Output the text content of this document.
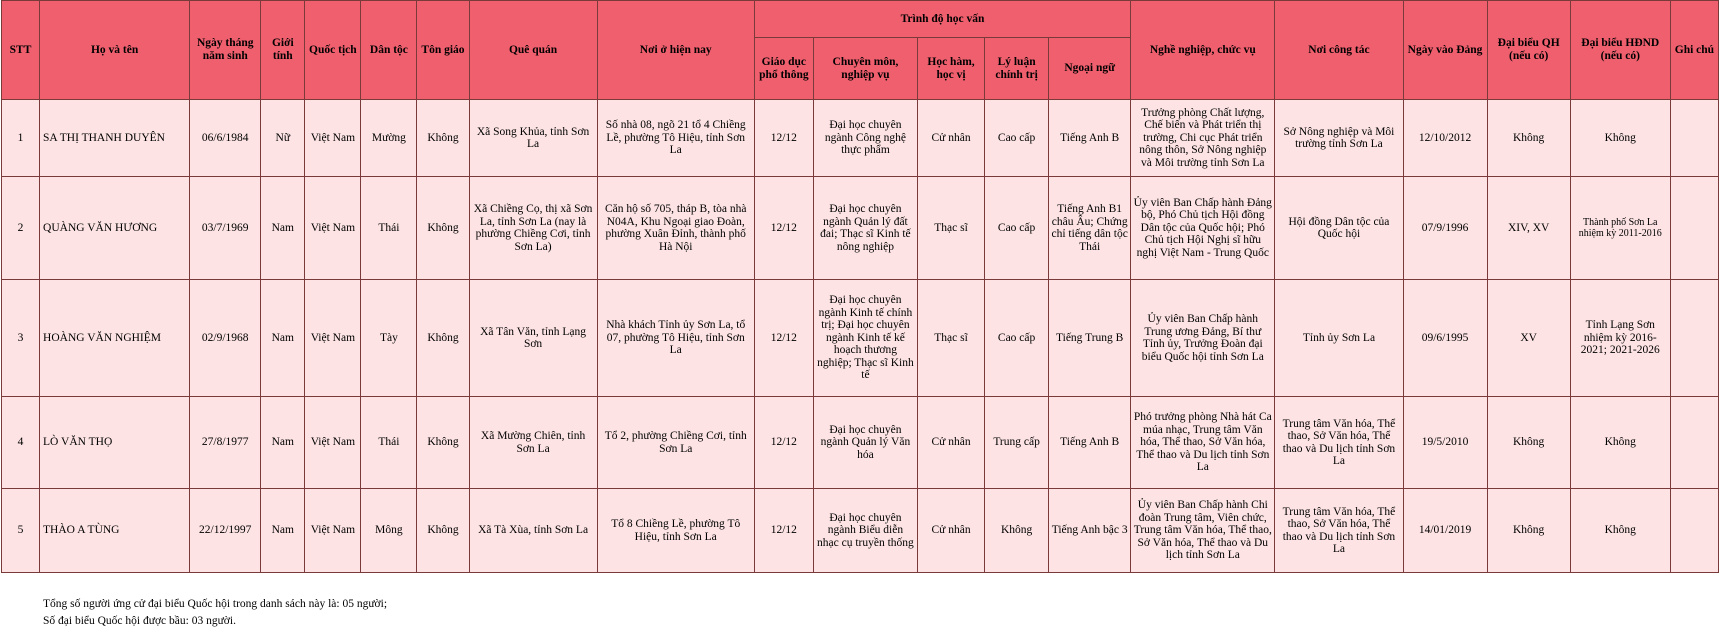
STT	Họ và tên	Ngày tháng năm sinh	Giới tính	Quốc tịch	Dân tộc	Tôn giáo	Quê quán	Nơi ở hiện nay	Trình độ học vấn					Nghề nghiệp, chức vụ	Nơi công tác	Ngày vào Đảng	Đại biểu QH (nếu có)	Đại biểu HĐND (nếu có)	Ghi chú
									Giáo dục phổ thông	Chuyên môn, nghiệp vụ	Học hàm, học vị	Lý luận chính trị	Ngoại ngữ						
1	SA THỊ THANH DUYÊN	06/6/1984	Nữ	Việt Nam	Mường	Không	Xã Song Khủa, tỉnh Sơn La	Số nhà 08, ngõ 21 tổ 4 Chiềng Lề, phường Tô Hiệu, tỉnh Sơn La	12/12	Đại học chuyên ngành Công nghệ thực phẩm	Cử nhân	Cao cấp	Tiếng Anh B	Trưởng phòng Chất lượng, Chế biến và Phát triển thị trường, Chi cục Phát triển nông thôn, Sở Nông nghiệp và Môi trường tỉnh Sơn La	Sở Nông nghiệp và Môi trường tỉnh Sơn La	12/10/2012	Không	Không	
2	QUÀNG VĂN HƯƠNG	03/7/1969	Nam	Việt Nam	Thái	Không	Xã Chiềng Cọ, thị xã Sơn La, tỉnh Sơn La (nay là phường Chiềng Cơi, tỉnh Sơn La)	Căn hộ số 705, tháp B, tòa nhà N04A, Khu Ngoại giao Đoàn, phường Xuân Đỉnh, thành phố Hà Nội	12/12	Đại học chuyên ngành Quản lý đất đai; Thạc sĩ Kinh tế nông nghiệp	Thạc sĩ	Cao cấp	Tiếng Anh B1 châu Âu; Chứng chỉ tiếng dân tộc Thái	Ủy viên Ban Chấp hành Đảng bộ, Phó Chủ tịch Hội đồng Dân tộc của Quốc hội; Phó Chủ tịch Hội Nghị sĩ hữu nghị Việt Nam - Trung Quốc	Hội đồng Dân tộc của Quốc hội	07/9/1996	XIV, XV	Thành phố Sơn La nhiệm kỳ 2011-2016	
3	HOÀNG VĂN NGHIỆM	02/9/1968	Nam	Việt Nam	Tày	Không	Xã Tân Văn, tỉnh Lạng Sơn	Nhà khách Tỉnh ủy Sơn La, tổ 07, phường Tô Hiệu, tỉnh Sơn La	12/12	Đại học chuyên ngành Kinh tế chính trị; Đại học chuyên ngành Kinh tế kế hoạch thương nghiệp; Thạc sĩ Kinh tế	Thạc sĩ	Cao cấp	Tiếng Trung B	Ủy viên Ban Chấp hành Trung ương Đảng, Bí thư Tỉnh ủy, Trưởng Đoàn đại biểu Quốc hội tỉnh Sơn La	Tỉnh ủy Sơn La	09/6/1995	XV	Tỉnh Lạng Sơn nhiệm kỳ 2016-2021; 2021-2026	
4	LÒ VĂN THỌ	27/8/1977	Nam	Việt Nam	Thái	Không	Xã Mường Chiên, tỉnh Sơn La	Tổ 2, phường Chiềng Cơi, tỉnh Sơn La	12/12	Đại học chuyên ngành Quản lý Văn hóa	Cử nhân	Trung cấp	Tiếng Anh B	Phó trưởng phòng Nhà hát Ca múa nhạc, Trung tâm Văn hóa, Thể thao, Sở Văn hóa, Thể thao và Du lịch tỉnh Sơn La	Trung tâm Văn hóa, Thể thao, Sở Văn hóa, Thể thao và Du lịch tỉnh Sơn La	19/5/2010	Không	Không	
5	THÀO A TÙNG	22/12/1997	Nam	Việt Nam	Mông	Không	Xã Tà Xùa, tỉnh Sơn La	Tổ 8 Chiềng Lề, phường Tô Hiệu, tỉnh Sơn La	12/12	Đại học chuyên ngành Biểu diễn nhạc cụ truyền thống	Cử nhân	Không	Tiếng Anh bậc 3	Ủy viên Ban Chấp hành Chi đoàn Trung tâm, Viên chức, Trung tâm Văn hóa, Thể thao, Sở Văn hóa, Thể thao và Du lịch tỉnh Sơn La	Trung tâm Văn hóa, Thể thao, Sở Văn hóa, Thể thao và Du lịch tỉnh Sơn La	14/01/2019	Không	Không	
Tổng số người ứng cử đại biểu Quốc hội trong danh sách này là: 05 người;
Số đại biểu Quốc hội được bầu: 03 người.
